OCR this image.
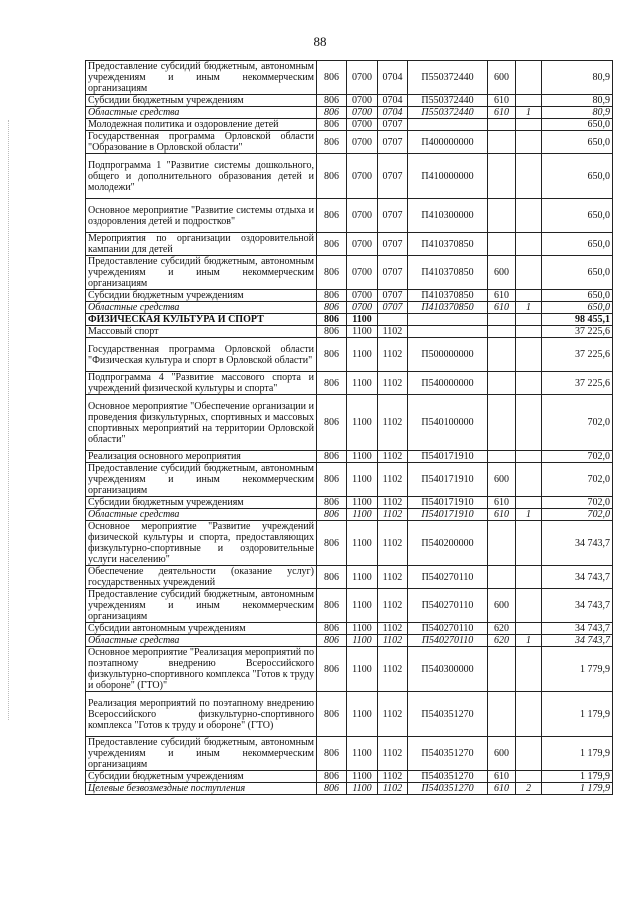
88
Предоставление субсидий бюджетным, автономным учреждениям и иным некоммерческим организациям	806	0700	0704	П550372440	600		80,9
Субсидии бюджетным учреждениям	806	0700	0704	П550372440	610		80,9
Областные средства	806	0700	0704	П550372440	610	1	80,9
Молодежная политика и оздоровление детей	806	0700	0707				650,0
Государственная программа Орловской области "Образование в Орловской области"	806	0700	0707	П400000000			650,0
Подпрограмма 1 "Развитие системы дошкольного, общего и дополнительного образования детей и молодежи"	806	0700	0707	П410000000			650,0
Основное мероприятие "Развитие системы отдыха и оздоровления детей и подростков"	806	0700	0707	П410300000			650,0
Мероприятия по организации оздоровительной кампании для детей	806	0700	0707	П410370850			650,0
Предоставление субсидий бюджетным, автономным учреждениям и иным некоммерческим организациям	806	0700	0707	П410370850	600		650,0
Субсидии бюджетным учреждениям	806	0700	0707	П410370850	610		650,0
Областные средства	806	0700	0707	П410370850	610	1	650,0
ФИЗИЧЕСКАЯ КУЛЬТУРА И СПОРТ	806	1100					98 455,1
Массовый спорт	806	1100	1102				37 225,6
Государственная программа Орловской области "Физическая культура и спорт в Орловской области"	806	1100	1102	П500000000			37 225,6
Подпрограмма 4 "Развитие массового спорта и учреждений физической культуры и спорта"	806	1100	1102	П540000000			37 225,6
Основное мероприятие "Обеспечение организации и проведения физкультурных, спортивных и массовых спортивных мероприятий на территории Орловской области"	806	1100	1102	П540100000			702,0
Реализация основного мероприятия	806	1100	1102	П540171910			702,0
Предоставление субсидий бюджетным, автономным учреждениям и иным некоммерческим организациям	806	1100	1102	П540171910	600		702,0
Субсидии бюджетным учреждениям	806	1100	1102	П540171910	610		702,0
Областные средства	806	1100	1102	П540171910	610	1	702,0
Основное мероприятие "Развитие учреждений физической культуры и спорта, предоставляющих физкультурно-спортивные и оздоровительные услуги населению"	806	1100	1102	П540200000			34 743,7
Обеспечение деятельности (оказание услуг) государственных учреждений	806	1100	1102	П540270110			34 743,7
Предоставление субсидий бюджетным, автономным учреждениям и иным некоммерческим организациям	806	1100	1102	П540270110	600		34 743,7
Субсидии автономным учреждениям	806	1100	1102	П540270110	620		34 743,7
Областные средства	806	1100	1102	П540270110	620	1	34 743,7
Основное мероприятие "Реализация мероприятий по поэтапному внедрению Всероссийского физкультурно-спортивного комплекса "Готов к труду и обороне" (ГТО)"	806	1100	1102	П540300000			1 779,9
Реализация мероприятий по поэтапному внедрению Всероссийского физкультурно-спортивного комплекса "Готов к труду и обороне" (ГТО)	806	1100	1102	П540351270			1 179,9
Предоставление субсидий бюджетным, автономным учреждениям и иным некоммерческим организациям	806	1100	1102	П540351270	600		1 179,9
Субсидии бюджетным учреждениям	806	1100	1102	П540351270	610		1 179,9
Целевые безвозмездные поступления	806	1100	1102	П540351270	610	2	1 179,9
